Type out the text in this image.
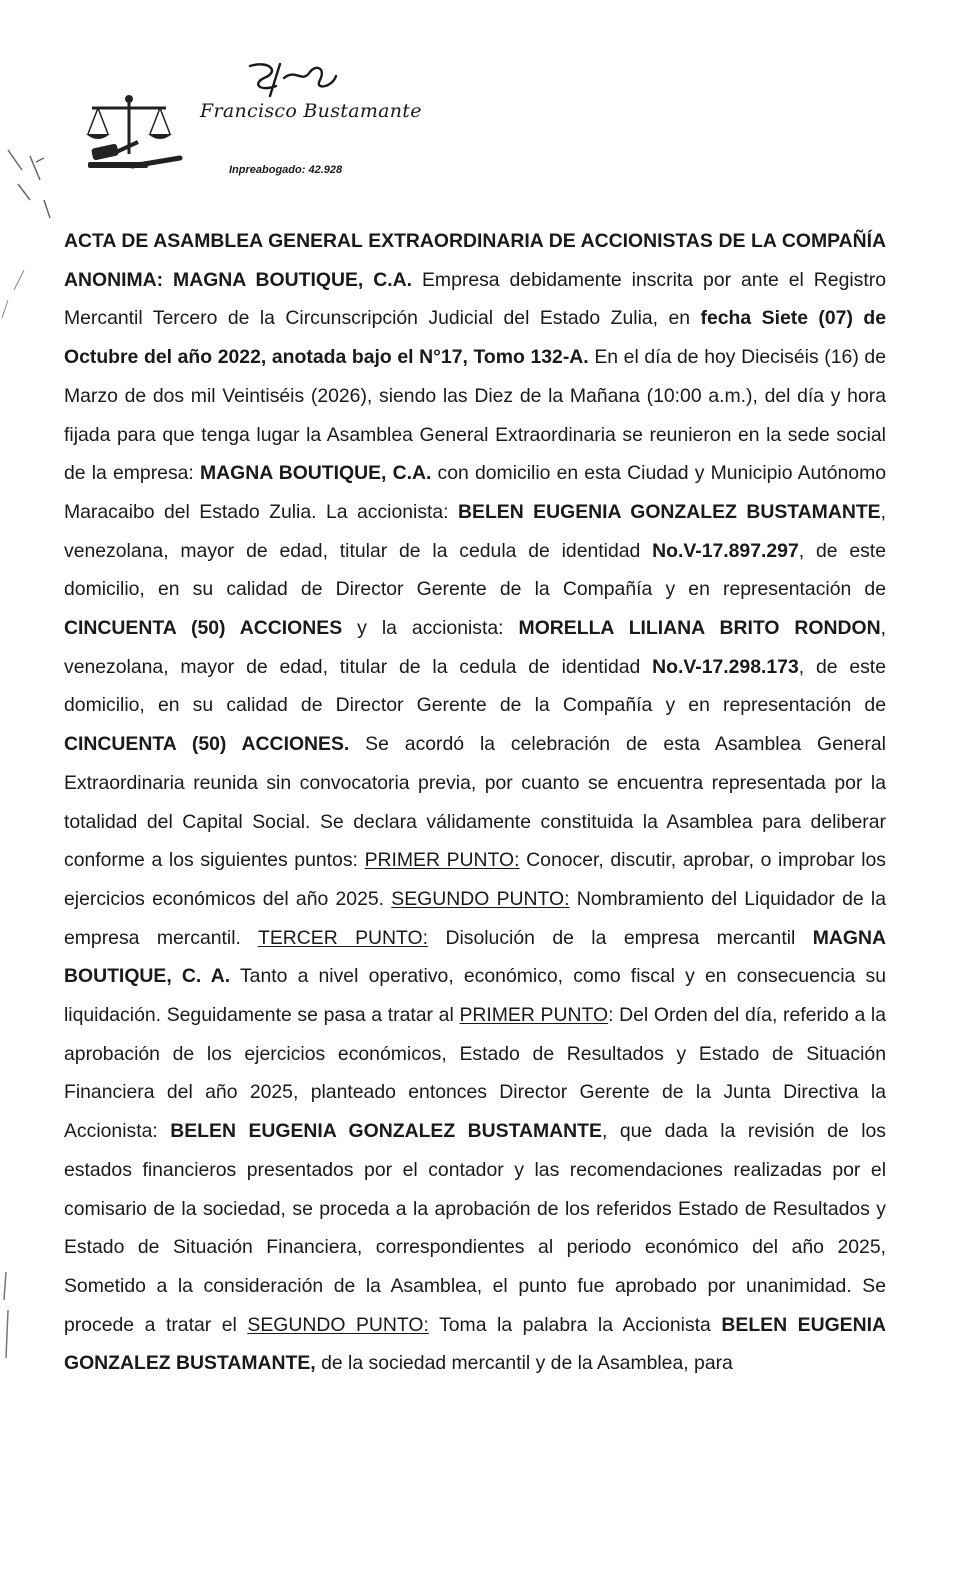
Francisco Bustamante
Inpreabogado: 42.928

ACTA DE ASAMBLEA GENERAL EXTRAORDINARIA DE ACCIONISTAS DE LA COMPAÑÍA ANONIMA: MAGNA BOUTIQUE, C.A. Empresa debidamente inscrita por ante el Registro Mercantil Tercero de la Circunscripción Judicial del Estado Zulia, en fecha Siete (07) de Octubre del año 2022, anotada bajo el N°17, Tomo 132-A. En el día de hoy Dieciséis (16) de Marzo de dos mil Veintiséis (2026), siendo las Diez de la Mañana (10:00 a.m.), del día y hora fijada para que tenga lugar la Asamblea General Extraordinaria se reunieron en la sede social de la empresa: MAGNA BOUTIQUE, C.A. con domicilio en esta Ciudad y Municipio Autónomo Maracaibo del Estado Zulia. La accionista: BELEN EUGENIA GONZALEZ BUSTAMANTE, venezolana, mayor de edad, titular de la cedula de identidad No.V-17.897.297, de este domicilio, en su calidad de Director Gerente de la Compañía y en representación de CINCUENTA (50) ACCIONES y la accionista: MORELLA LILIANA BRITO RONDON, venezolana, mayor de edad, titular de la cedula de identidad No.V-17.298.173, de este domicilio, en su calidad de Director Gerente de la Compañía y en representación de CINCUENTA (50) ACCIONES. Se acordó la celebración de esta Asamblea General Extraordinaria reunida sin convocatoria previa, por cuanto se encuentra representada por la totalidad del Capital Social. Se declara válidamente constituida la Asamblea para deliberar conforme a los siguientes puntos: PRIMER PUNTO: Conocer, discutir, aprobar, o improbar los ejercicios económicos del año 2025. SEGUNDO PUNTO: Nombramiento del Liquidador de la empresa mercantil. TERCER PUNTO: Disolución de la empresa mercantil MAGNA BOUTIQUE, C. A. Tanto a nivel operativo, económico, como fiscal y en consecuencia su liquidación. Seguidamente se pasa a tratar al PRIMER PUNTO: Del Orden del día, referido a la aprobación de los ejercicios económicos, Estado de Resultados y Estado de Situación Financiera del año 2025, planteado entonces Director Gerente de la Junta Directiva la Accionista: BELEN EUGENIA GONZALEZ BUSTAMANTE, que dada la revisión de los estados financieros presentados por el contador y las recomendaciones realizadas por el comisario de la sociedad, se proceda a la aprobación de los referidos Estado de Resultados y Estado de Situación Financiera, correspondientes al periodo económico del año 2025, Sometido a la consideración de la Asamblea, el punto fue aprobado por unanimidad. Se procede a tratar el SEGUNDO PUNTO: Toma la palabra la Accionista BELEN EUGENIA GONZALEZ BUSTAMANTE, de la sociedad mercantil y de la Asamblea, para
